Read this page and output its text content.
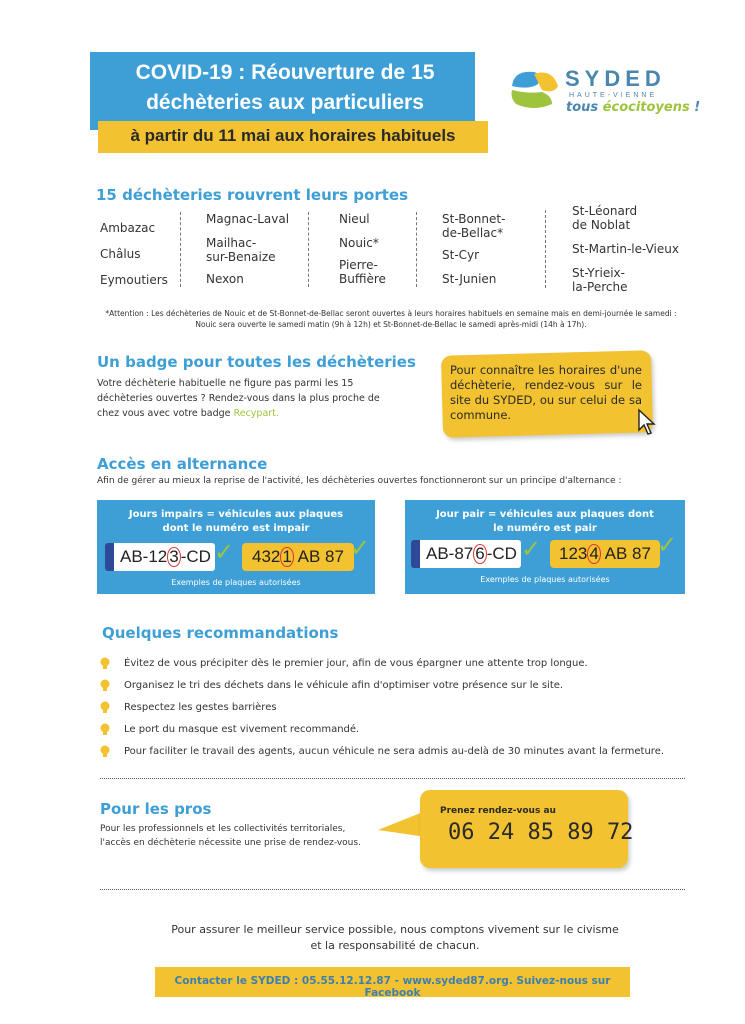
COVID-19 : Réouverture de 15 déchèteries aux particuliers
à partir du 11 mai aux horaires habituels
SYDED
HAUTE-VIENNE
tous écocitoyens !
15 déchèteries rouvrent leurs portes
Ambazac
Châlus
Eymoutiers
Magnac-Laval
Mailhac-sur-Benaize
Nexon
Nieul
Nouic*
Pierre-Buffière
St-Bonnet-de-Bellac*
St-Cyr
St-Junien
St-Léonard de Noblat
St-Martin-le-Vieux
St-Yrieix-la-Perche
*Attention : Les déchèteries de Nouic et de St-Bonnet-de-Bellac seront ouvertes à leurs horaires habituels en semaine mais en demi-journée le samedi :
Nouic sera ouverte le samedi matin (9h à 12h) et St-Bonnet-de-Bellac le samedi après-midi (14h à 17h).
Un badge pour toutes les déchèteries
Votre déchèterie habituelle ne figure pas parmi les 15 déchèteries ouvertes ? Rendez-vous dans la plus proche de chez vous avec votre badge Recypart.
Pour connaître les horaires d'une déchèterie, rendez-vous sur le site du SYDED, ou sur celui de sa commune.
Accès en alternance
Afin de gérer au mieux la reprise de l'activité, les déchèteries ouvertes fonctionneront sur un principe d'alternance :
Jours impairs = véhicules aux plaques
dont le numéro est impair
AB-12 3 -CD ✓	432 1 AB 87 ✓
Exemples de plaques autorisées
Jour pair = véhicules aux plaques dont
le numéro est pair
AB-87 6 -CD ✓	123 4 AB 87 ✓
Exemples de plaques autorisées
Quelques recommandations
Évitez de vous précipiter dès le premier jour, afin de vous épargner une attente trop longue.
Organisez le tri des déchets dans le véhicule afin d'optimiser votre présence sur le site.
Respectez les gestes barrières
Le port du masque est vivement recommandé.
Pour faciliter le travail des agents, aucun véhicule ne sera admis au-delà de 30 minutes avant la fermeture.
Pour les pros
Pour les professionnels et les collectivités territoriales, l'accès en déchèterie nécessite une prise de rendez-vous.
Prenez rendez-vous au
06 24 85 89 72
Pour assurer le meilleur service possible, nous comptons vivement sur le civisme
et la responsabilité de chacun.
Contacter le SYDED : 05.55.12.12.87 - www.syded87.org. Suivez-nous sur Facebook
